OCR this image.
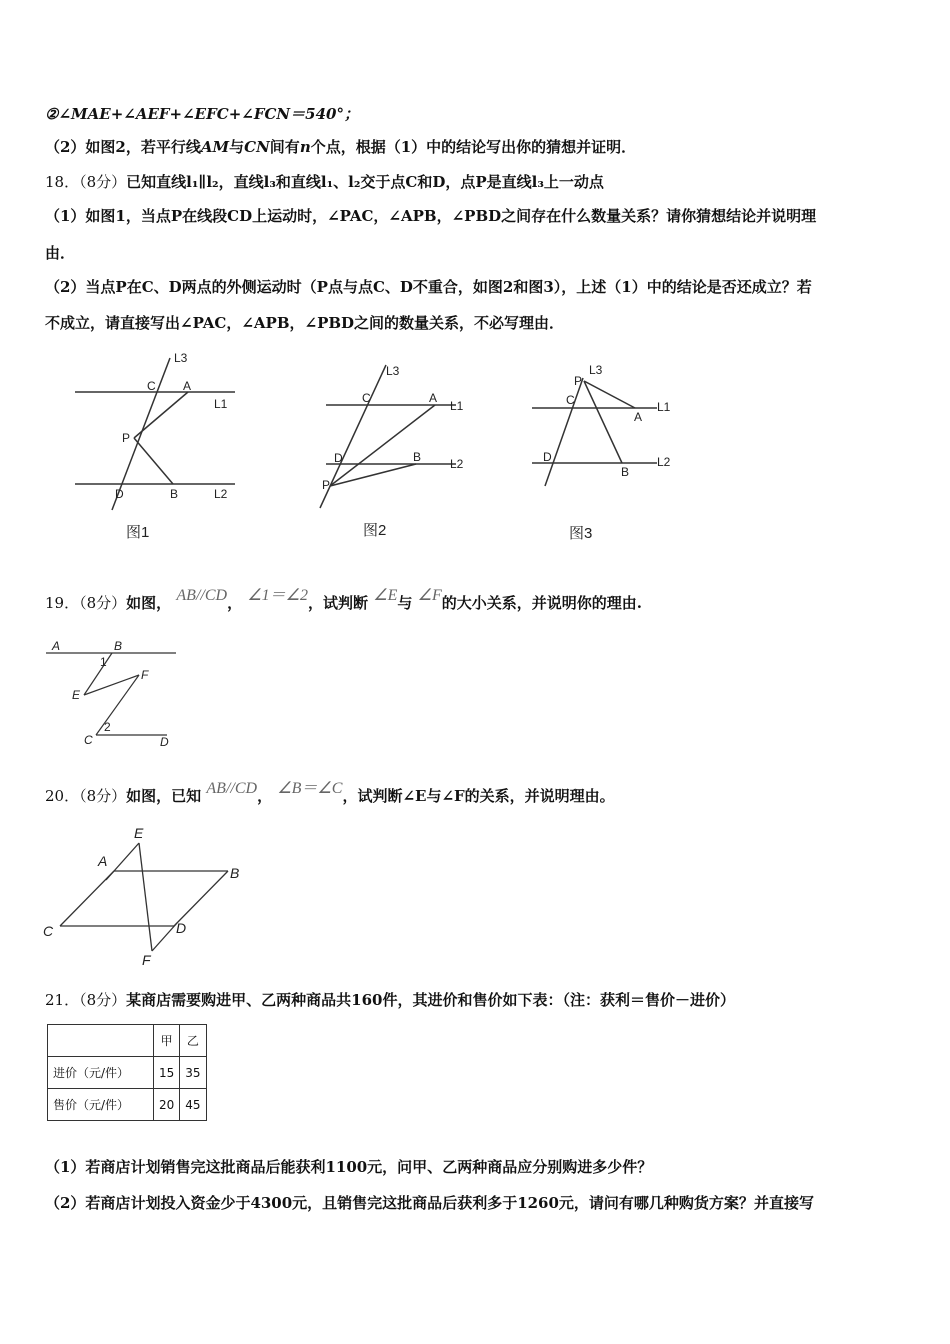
②∠MAE+∠AEF+∠EFC+∠FCN＝540°；
（2）如图2，若平行线AM与CN间有n个点，根据（1）中的结论写出你的猜想并证明．
18．（8分）已知直线l₁∥l₂，直线l₃和直线l₁、l₂交于点C和D，点P是直线l₃上一动点
（1）如图1，当点P在线段CD上运动时，∠PAC，∠APB，∠PBD之间存在什么数量关系？请你猜想结论并说明理
由．
（2）当点P在C、D两点的外侧运动时（P点与点C、D不重合，如图2和图3），上述（1）中的结论是否还成立？若
不成立，请直接写出∠PAC，∠APB，∠PBD之间的数量关系，不必写理由．
L3
C A
L1
P
D	B	L2
图1
L3
C	A
L1
D	B L2
P
图2
P
L3
C
A
L1
D
B
L2
图3
19．（8分）如图， AB//CD， ∠1＝∠2，试判断 ∠E与 ∠F的大小关系，并说明你的理由.
A	B
1
E
F
2
C	D
20．（8分）如图，已知 AB//CD， ∠B＝∠C，试判断∠E与∠F的关系，并说明理由。
E
A
B
C	D
F
21．（8分）某商店需要购进甲、乙两种商品共160件，其进价和售价如下表：（注：获利＝售价－进价）
	甲	乙
进价（元/件）	15	35
售价（元/件）	20	45
（1）若商店计划销售完这批商品后能获利1100元，问甲、乙两种商品应分别购进多少件？
（2）若商店计划投入资金少于4300元，且销售完这批商品后获利多于1260元，请问有哪几种购货方案？并直接写
